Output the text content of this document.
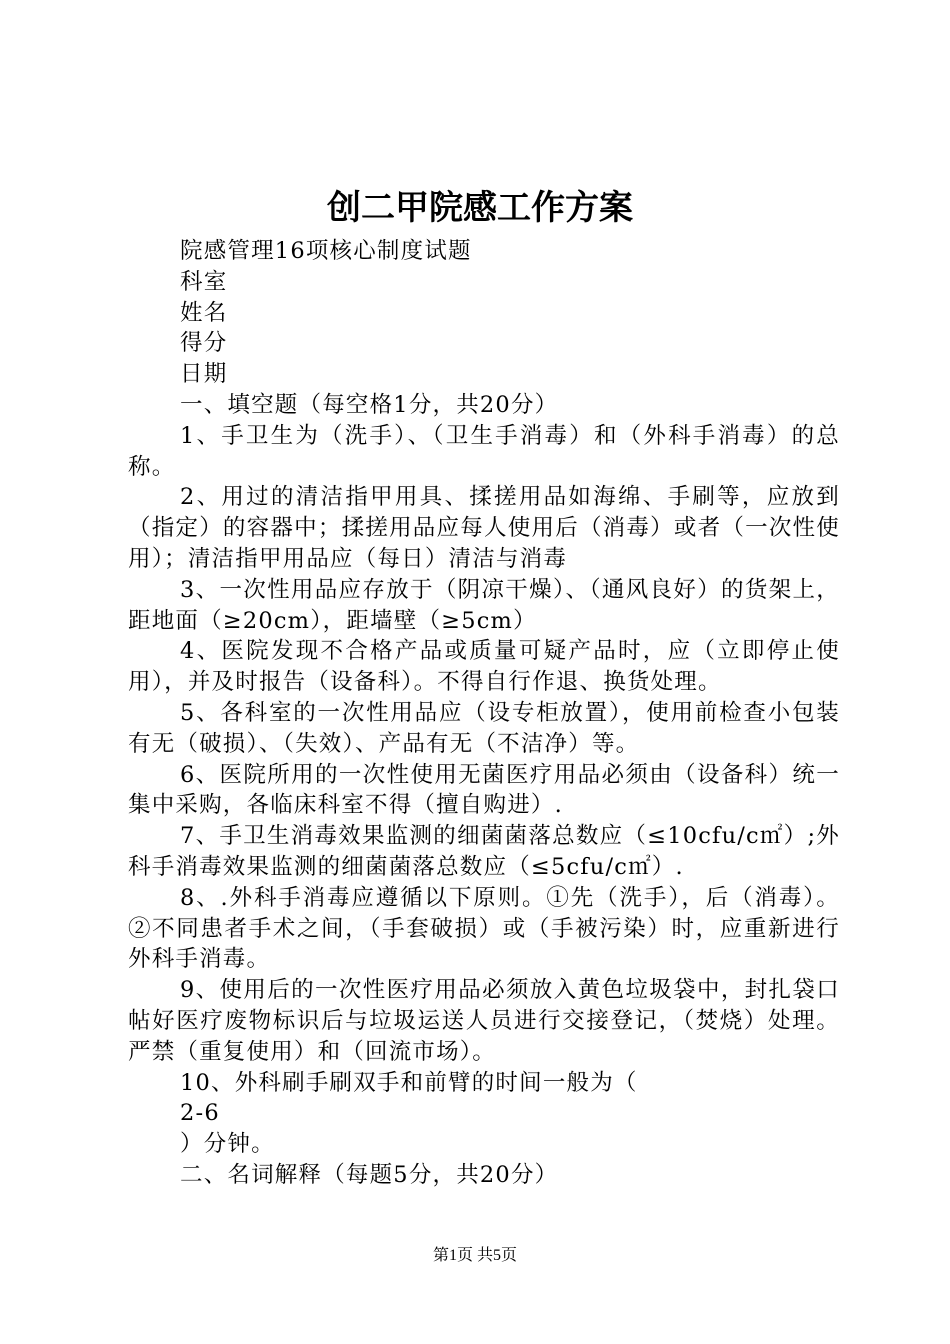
创二甲院感工作方案
院感管理16项核心制度试题
科室
姓名
得分
日期
一、填空题（每空格1分，共20分）
1、手卫生为（洗手）、（卫生手消毒）和（外科手消毒）的总称。
2、用过的清洁指甲用具、揉搓用品如海绵、手刷等，应放到（指定）的容器中；揉搓用品应每人使用后（消毒）或者（一次性使用）；清洁指甲用品应（每日）清洁与消毒
3、一次性用品应存放于（阴凉干燥）、（通风良好）的货架上，距地面（≥20cm），距墙壁（≥5cm）
4、医院发现不合格产品或质量可疑产品时，应（立即停止使用），并及时报告（设备科）。不得自行作退、换货处理。
5、各科室的一次性用品应（设专柜放置），使用前检查小包装有无（破损）、（失效）、产品有无（不洁净）等。
6、医院所用的一次性使用无菌医疗用品必须由（设备科）统一集中采购，各临床科室不得（擅自购进）.
7、手卫生消毒效果监测的细菌菌落总数应（≤10cfu/c㎡）;外科手消毒效果监测的细菌菌落总数应（≤5cfu/c㎡）.
8、.外科手消毒应遵循以下原则。①先（洗手），后（消毒）。②不同患者手术之间，（手套破损）或（手被污染）时，应重新进行外科手消毒。
9、使用后的一次性医疗用品必须放入黄色垃圾袋中，封扎袋口帖好医疗废物标识后与垃圾运送人员进行交接登记，（焚烧）处理。严禁（重复使用）和（回流市场）。
10、外科刷手刷双手和前臂的时间一般为（
2-6
）分钟。
二、名词解释（每题5分，共20分）
第1页 共5页
